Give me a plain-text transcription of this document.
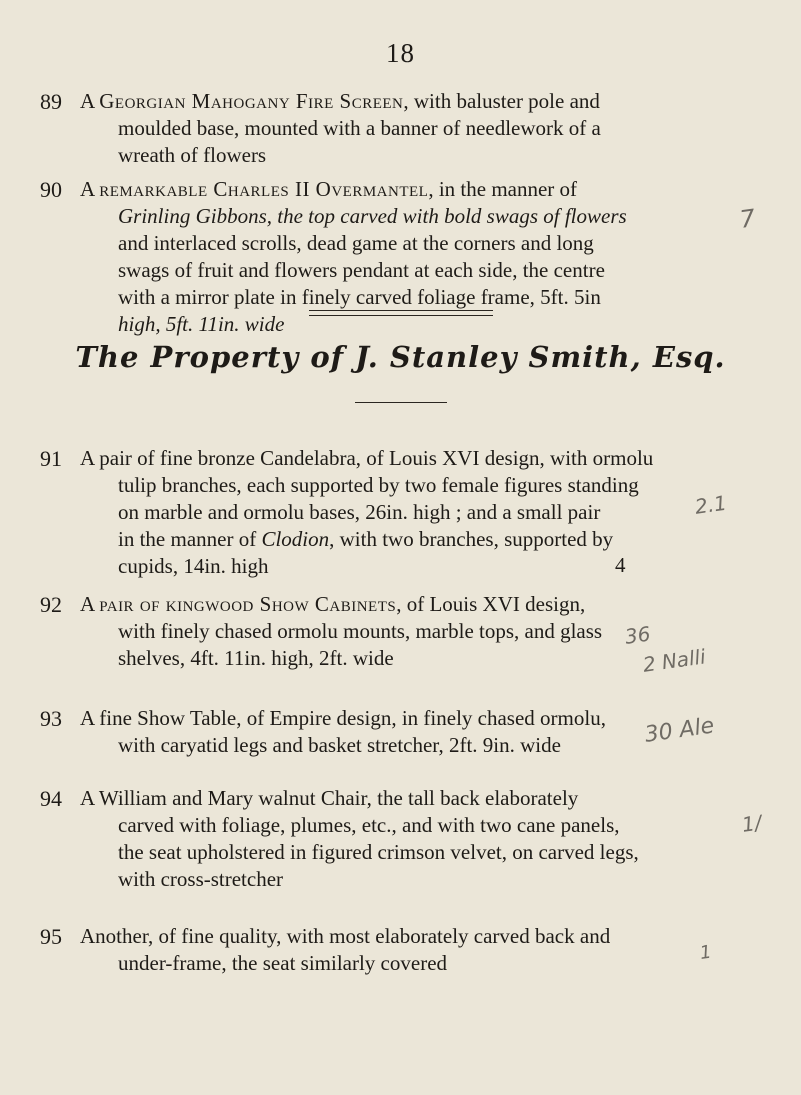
18
89 A Georgian Mahogany Fire Screen, with baluster pole and

moulded base, mounted with a banner of needlework of a

wreath of flowers

90 A remarkable Charles II Overmantel, in the manner of

Grinling Gibbons, the top carved with bold swags of flowers

and interlaced scrolls, dead game at the corners and long

swags of fruit and flowers pendant at each side, the centre

with a mirror plate in finely carved foliage frame, 5ft. 5in

high, 5ft. 11in. wide

7
The Property of J. Stanley Smith, Esq.
91 A pair of fine bronze Candelabra, of Louis XVI design, with ormolu

tulip branches, each supported by two female figures standing

on marble and ormolu bases, 26in. high ; and a small pair

in the manner of Clodion, with two branches, supported by

cupids, 14in. high	4
2.1
92 A pair of kingwood Show Cabinets, of Louis XVI design,

with finely chased ormolu mounts, marble tops, and glass

shelves, 4ft. 11in. high, 2ft. wide

36
2 Nalli
93 A fine Show Table, of Empire design, in finely chased ormolu,

with caryatid legs and basket stretcher, 2ft. 9in. wide	30 Ale
94 A William and Mary walnut Chair, the tall back elaborately

carved with foliage, plumes, etc., and with two cane panels,

the seat upholstered in figured crimson velvet, on carved legs,

with cross-stretcher

1/
95 Another, of fine quality, with most elaborately carved back and

under-frame, the seat similarly covered	1
